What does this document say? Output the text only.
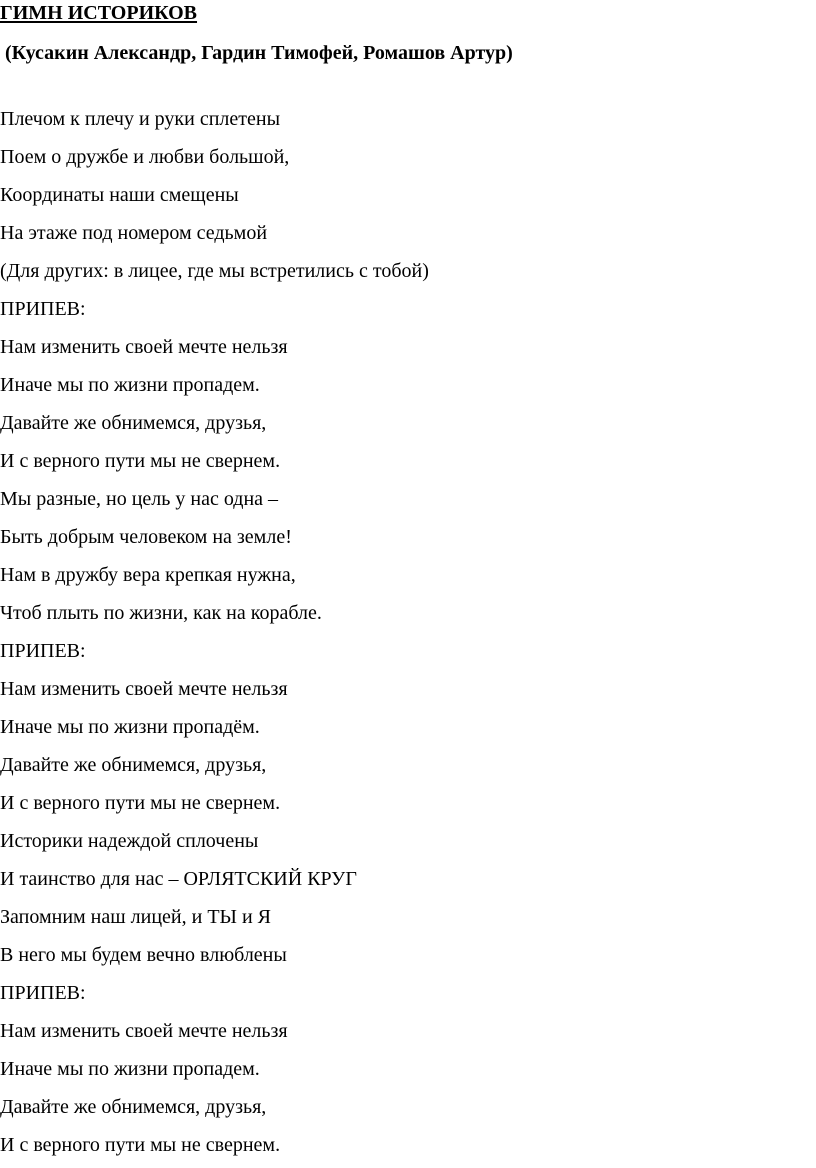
ГИМН ИСТОРИКОВ

(Кусакин Александр, Гардин Тимофей, Ромашов Артур)

Плечом к плечу и руки сплетены
Поем о дружбе и любви большой,
Координаты наши смещены
На этаже под номером седьмой
(Для других: в лицее, где мы встретились с тобой)
ПРИПЕВ:
Нам изменить своей мечте нельзя
Иначе мы по жизни пропадем.
Давайте же обнимемся, друзья,
И с верного пути мы не свернем.
Мы разные, но цель у нас одна –
Быть добрым человеком на земле!
Нам в дружбу вера крепкая нужна,
Чтоб плыть по жизни, как на корабле.
ПРИПЕВ:
Нам изменить своей мечте нельзя
Иначе мы по жизни пропадём.
Давайте же обнимемся, друзья,
И с верного пути мы не свернем.
Историки надеждой сплочены
И таинство для нас – ОРЛЯТСКИЙ КРУГ
Запомним наш лицей, и ТЫ и Я
В него мы будем вечно влюблены
ПРИПЕВ:
Нам изменить своей мечте нельзя
Иначе мы по жизни пропадем.
Давайте же обнимемся, друзья,
И с верного пути мы не свернем.
